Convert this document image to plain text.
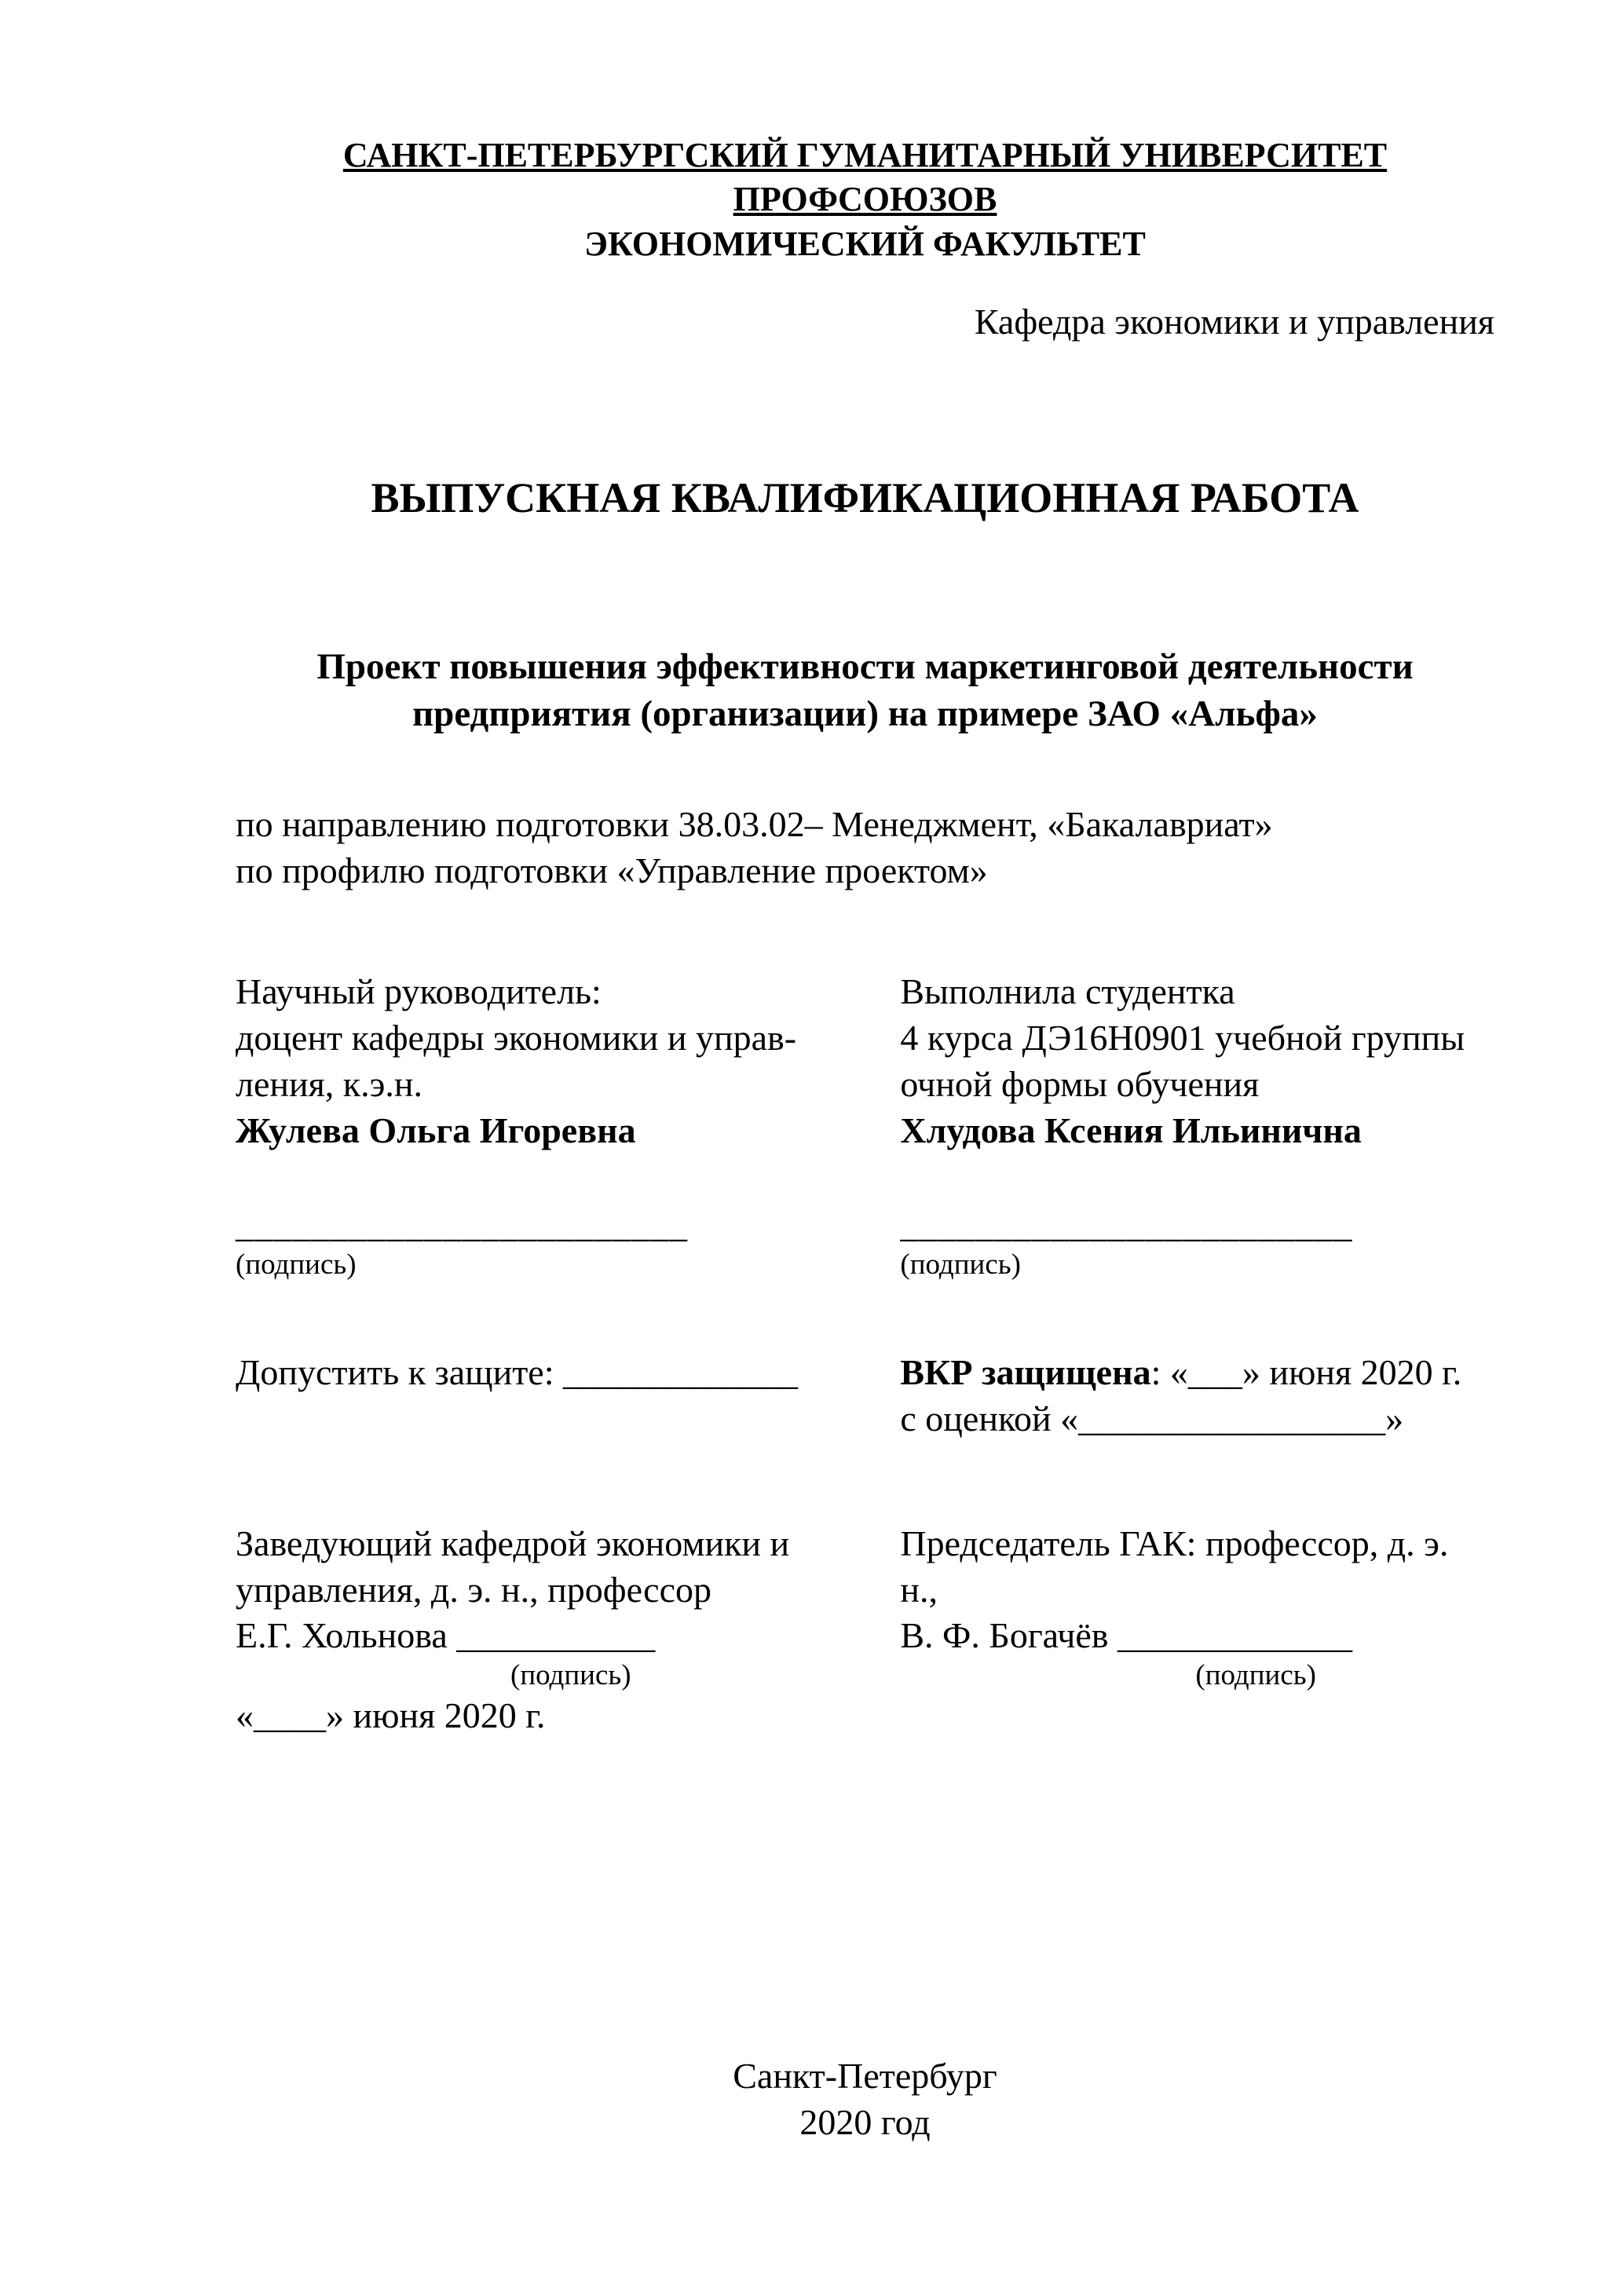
САНКТ-ПЕТЕРБУРГСКИЙ ГУМАНИТАРНЫЙ УНИВЕРСИТЕТ ПРОФСОЮЗОВ
ЭКОНОМИЧЕСКИЙ ФАКУЛЬТЕТ
Кафедра экономики и управления
ВЫПУСКНАЯ КВАЛИФИКАЦИОННАЯ РАБОТА
Проект повышения эффективности маркетинговой деятельности
предприятия (организации) на примере ЗАО «Альфа»
по направлению подготовки 38.03.02– Менеджмент, «Бакалавриат»
по профилю подготовки «Управление проектом»
Научный руководитель:
доцент кафедры экономики и управ-
ления, к.э.н.
Жулева Ольга Игоревна
Выполнила студентка
4 курса ДЭ16Н0901 учебной группы
очной формы обучения
Хлудова Ксения Ильинична
________________________
(подпись)
________________________
(подпись)
Допустить к защите: _____________	ВКР защищена: «___» июня 2020 г.
с оценкой «_________________»
Заведующий кафедрой экономики и
управления, д. э. н., профессор
Е.Г. Хольнова ___________
(подпись)
«____» июня 2020 г.
Председатель ГАК: профессор, д. э. н.,
В. Ф. Богачёв _____________
(подпись)
Санкт-Петербург
2020 год
